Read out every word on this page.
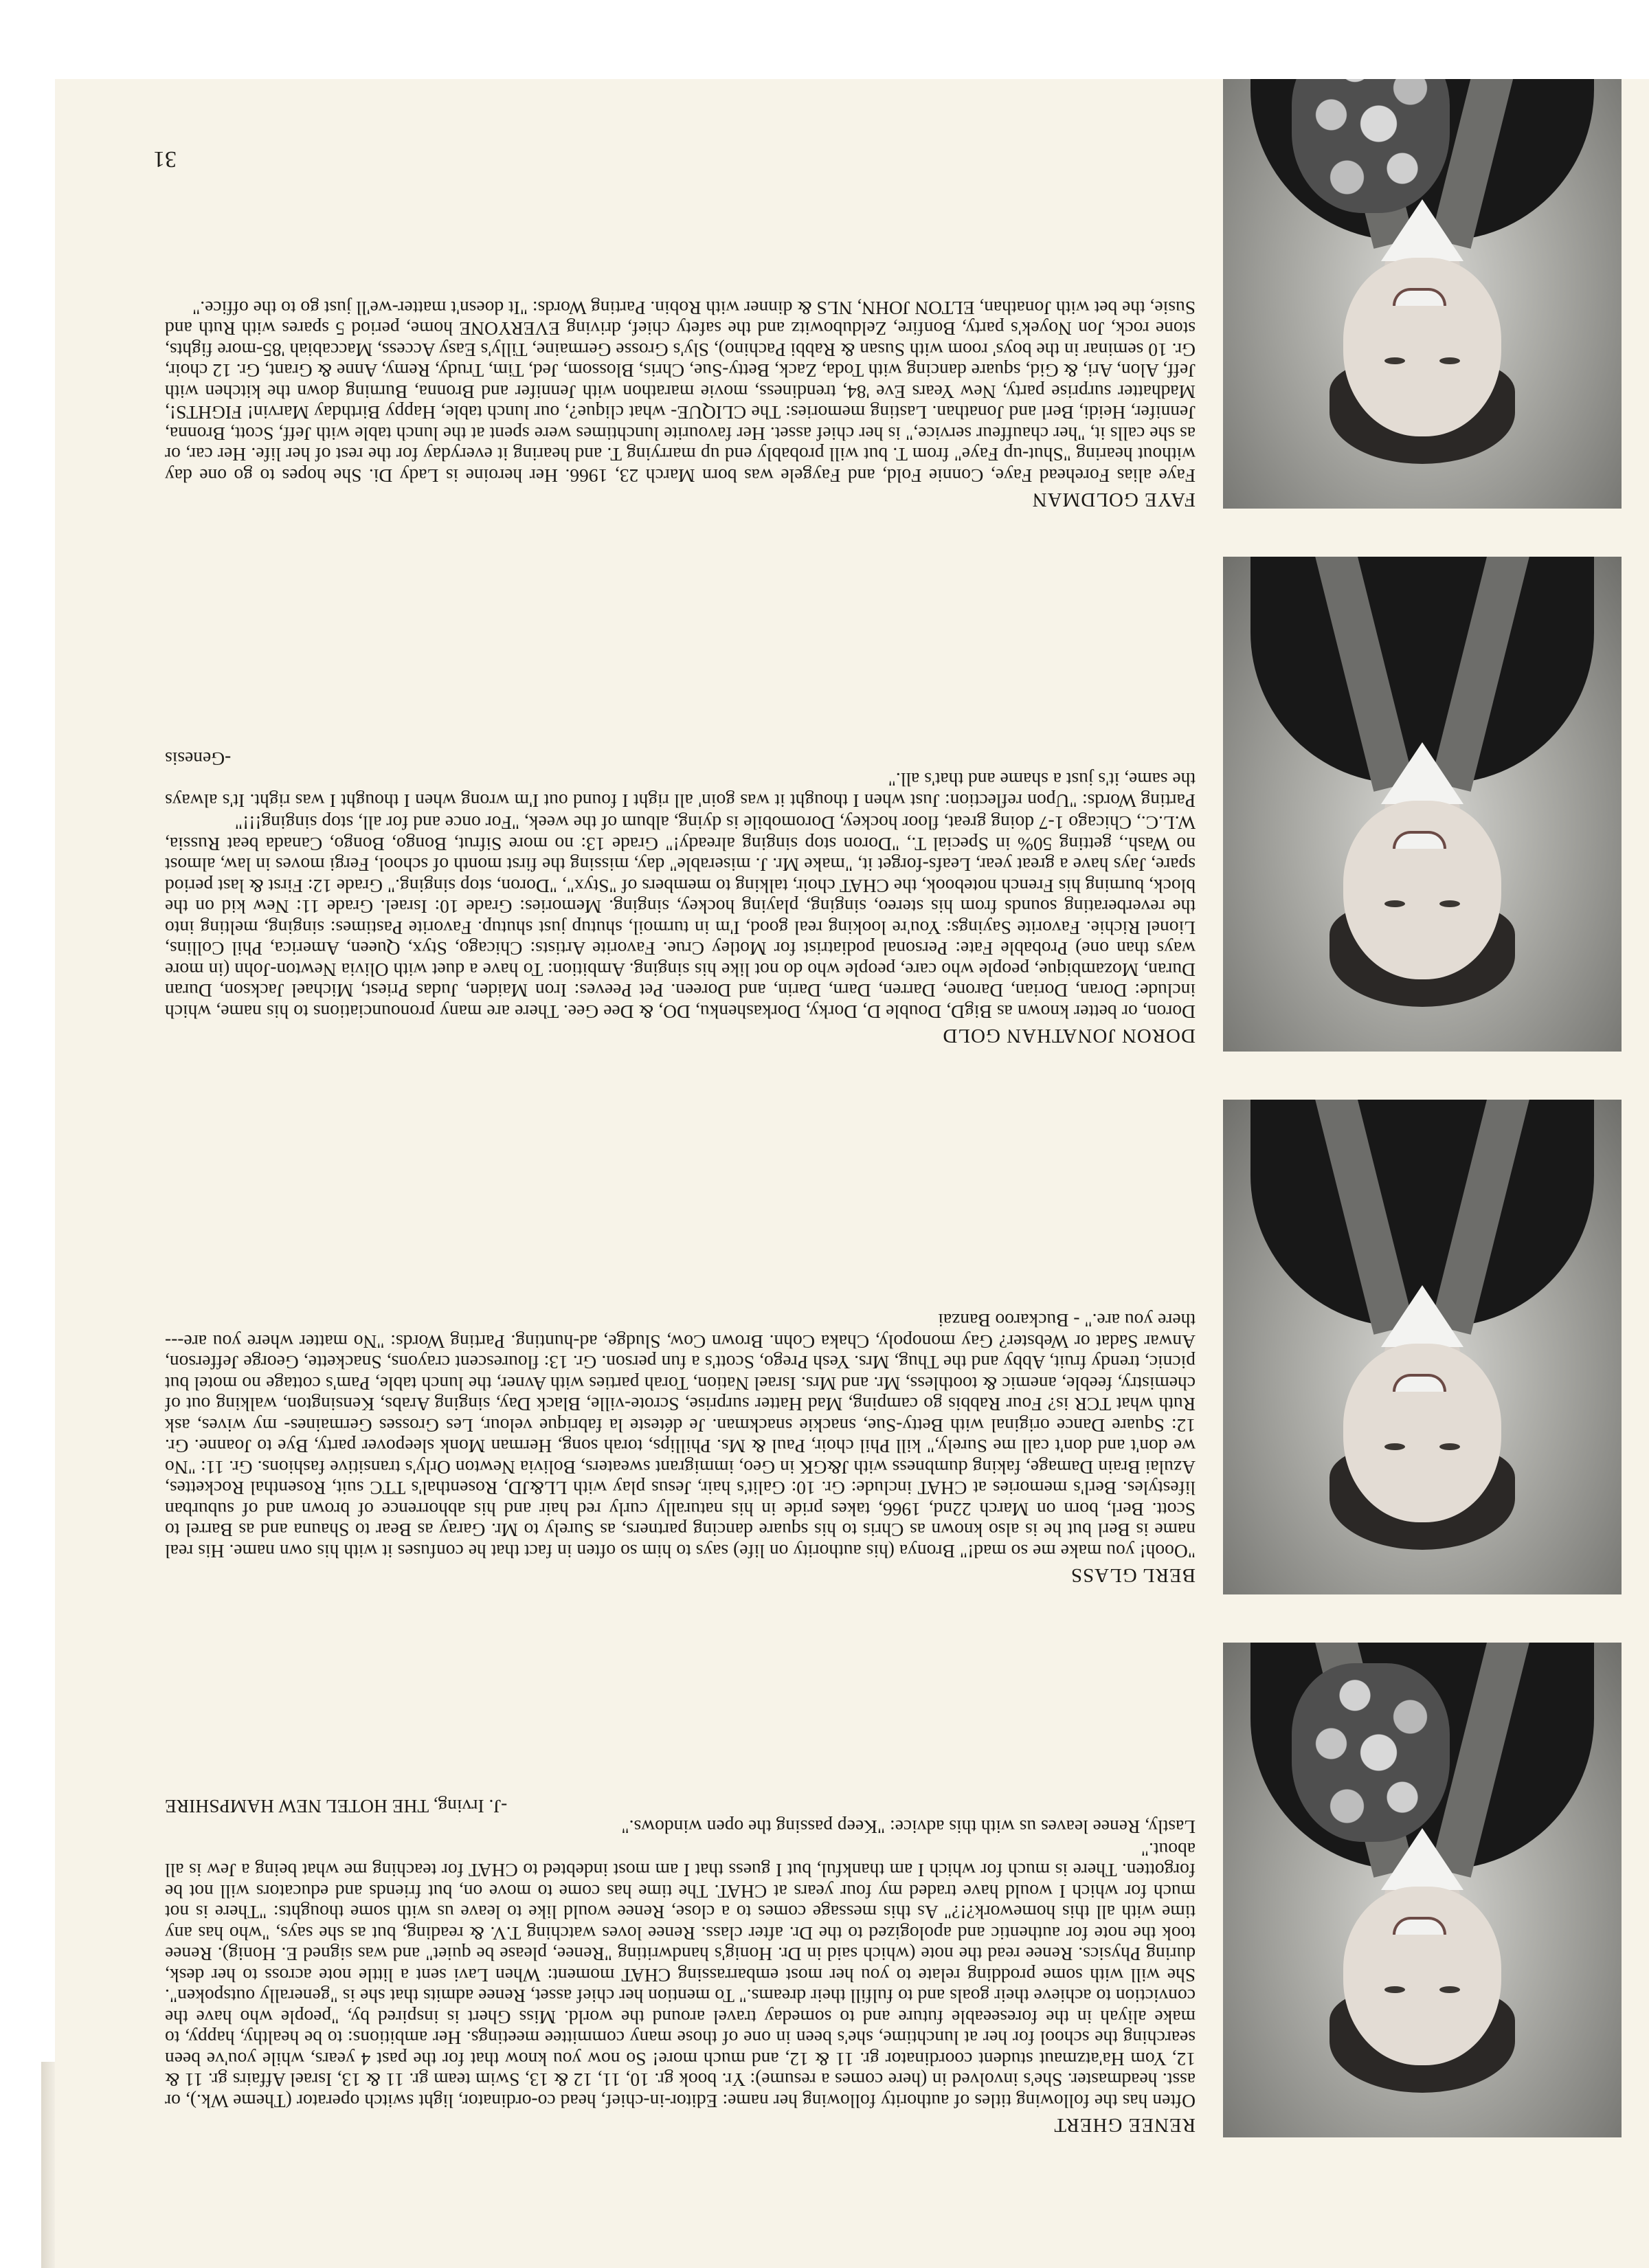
31
RENEE GHERT

Often has the following titles of authority following her name: Editor-in-chief, head co-ordinator, light switch operator (Theme Wk.), or asst. headmaster. She's involved in (here comes a resume): Yr. book gr. 10, 11, 12 & 13, Swim team gr. 11 & 13, Israel Affairs gr. 11 & 12, Yom Ha'atzmaut student coordinator gr. 11 & 12, and much more! So now you know that for the past 4 years, while you've been searching the school for her at lunchtime, she's been in one of those many committee meetings. Her ambitions: to be healthy, happy, to make aliyah in the foreseeable future and to someday travel around the world. Miss Ghert is inspired by, "people who have the conviction to achieve their goals and to fulfill their dreams." To mention her chief asset, Renee admits that she is "generally outspoken". She will with some prodding relate to you her most embarrassing CHAT moment: When Lavi sent a little note across to her desk, during Physics. Renee read the note (which said in Dr. Honig's handwriting "Renee, please be quiet" and was signed E. Honig). Renee took the note for authentic and apologized to the Dr. after class. Renee loves watching T.V. & reading, but as she says, "who has any time with all this homework?!?" As this message comes to a close, Renee would like to leave us with some thoughts: "There is not much for which I would have traded my four years at CHAT. The time has come to move on, but friends and educators will not be forgotten. There is much for which I am thankful, but I guess that I am most indebted to CHAT for teaching me what being a Jew is all about."

Lastly, Renee leaves us with this advice: "Keep passing the open windows."

-J. Irving, THE HOTEL NEW HAMPSHIRE

BERL GLASS

"Oooh! you make me so mad!" Bronya (his authority on life) says to him so often in fact that he confuses it with his own name. His real name is Berl but he is also known as Chris to his square dancing partners, as Surely to Mr. Garay as Bear to Shauna and as Barrel to Scott. Berl, born on March 22nd, 1966, takes pride in his naturally curly red hair and his abhorrence of brown and of suburban lifestyles. Berl's memories at CHAT include: Gr. 10: Galit's hair, Jesus play with LL&JD, Rosenthal's TTC suit, Rosenthal Rockettes, Azulai Brain Damage, faking dumbness with J&GK in Geo, immigrant sweaters, Bolivia Newton Orly's transitive fashions. Gr. 11: "No we don't and don't call me Surely," kill Phil choir, Paul & Ms. Phillips, torah song, Herman Monk sleepover party, Bye to Joanne. Gr. 12: Square Dance original with Betty-Sue, snackie snackman. Je déteste la fabrique velour, Les Grosses Germaines- my wives, ask Ruth what TCR is? Four Rabbis go camping, Mad Hatter surprise, Scrote-ville, Black Day, singing Arabs, Kensington, walking out of chemistry, feeble, anemic & toothless, Mr. and Mrs. Israel Nation, Torah parties with Avner, the lunch table, Pam's cottage no motel but picnic, trendy fruit, Abby and the Thug, Mrs. Yesh Prego, Scott's a fun person. Gr. 13: flourescent crayons, Snackette, George Jefferson, Anwar Sadat or Webster? Gay monopoly, Chaka Cohn. Brown Cow, Sludge, ad-hunting. Parting Words: "No matter where you are---there you are." - Buckaroo Banzai

DORON JONATHAN GOLD

Doron, or better known as BigD, Double D, Dorky, Dorkashenku, DO, & Dee Gee. There are many pronounciations to his name, which include: Doran, Dorian, Darone, Darren, Darn, Darin, and Doreen. Pet Peeves: Iron Maiden, Judas Priest, Michael Jackson, Duran Duran, Mozambique, people who care, people who do not like his singing. Ambition: To have a duet with Olivia Newton-John (in more ways than one) Probable Fate: Personal podiatrist for Motley Crue. Favorite Artists: Chicago, Styx, Queen, America, Phil Collins, Lionel Richie. Favorite Sayings: You're looking real good, I'm in turmoil, shutup just shutup. Favorite Pastimes: singing, melting into the reverberating sounds from his stereo, singing, playing hockey, singing. Memories: Grade 10: Israel. Grade 11: New kid on the block, burning his French notebook, the CHAT choir, talking to members of "Styx", "Doron, stop singing." Grade 12: First & last period spare, Jays have a great year, Leafs-forget it, "make Mr. J. miserable" day, missing the first month of school, Fergi moves in law, almost no Wash., getting 50% in Special T., "Doron stop singing already!" Grade 13: no more Sifrut, Bongo, Bongo, Canada beat Russia, W.L.C., Chicago 1-7 doing great, floor hockey, Doromobile is dying, album of the week, "For once and for all, stop singing!!!"

Parting Words: "Upon reflection: Just when I thought it was goin' all right I found out I'm wrong when I thought I was right. It's always the same, it's just a shame and that's all."

-Genesis

FAYE GOLDMAN

Faye alias Forehead Faye, Connie Fold, and Faygele was born March 23, 1966. Her heroine is Lady Di. She hopes to go one day without hearing "Shut-up Faye" from T. but will probably end up marrying T. and hearing it everyday for the rest of her life. Her car, or as she calls it, "her chauffeur service," is her chief asset. Her favourite lunchtimes were spent at the lunch table with Jeff, Scott, Bronna, Jennifer, Heidi, Berl and Jonathan. Lasting memories: The CLIQUE- what clique?, our lunch table, Happy Birthday Marvin! FIGHTS!, Madhatter surprise party, New Years Eve '84, trendiness, movie marathon with Jennifer and Bronna, Burning down the kitchen with Jeff, Alon, Ari, & Gid, square dancing with Toda, Zack, Betty-Sue, Chris, Blossom, Jed, Tim, Trudy, Remy, Anne & Grant, Gr. 12 choir, Gr. 10 seminar in the boys' room with Susan & Rabbi Pachino), Sly's Grosse Germaine, Tilly's Easy Access, Maccabiah '85-more fights, stone rock, Jon Noyek's party, Bonfire, Zeldubowitz and the safety chief, driving EVERYONE home, period 5 spares with Ruth and Susie, the bet with Jonathan, ELTON JOHN, NLS & dinner with Robin. Parting Words: "It doesn't matter-we'll just go to the office."
